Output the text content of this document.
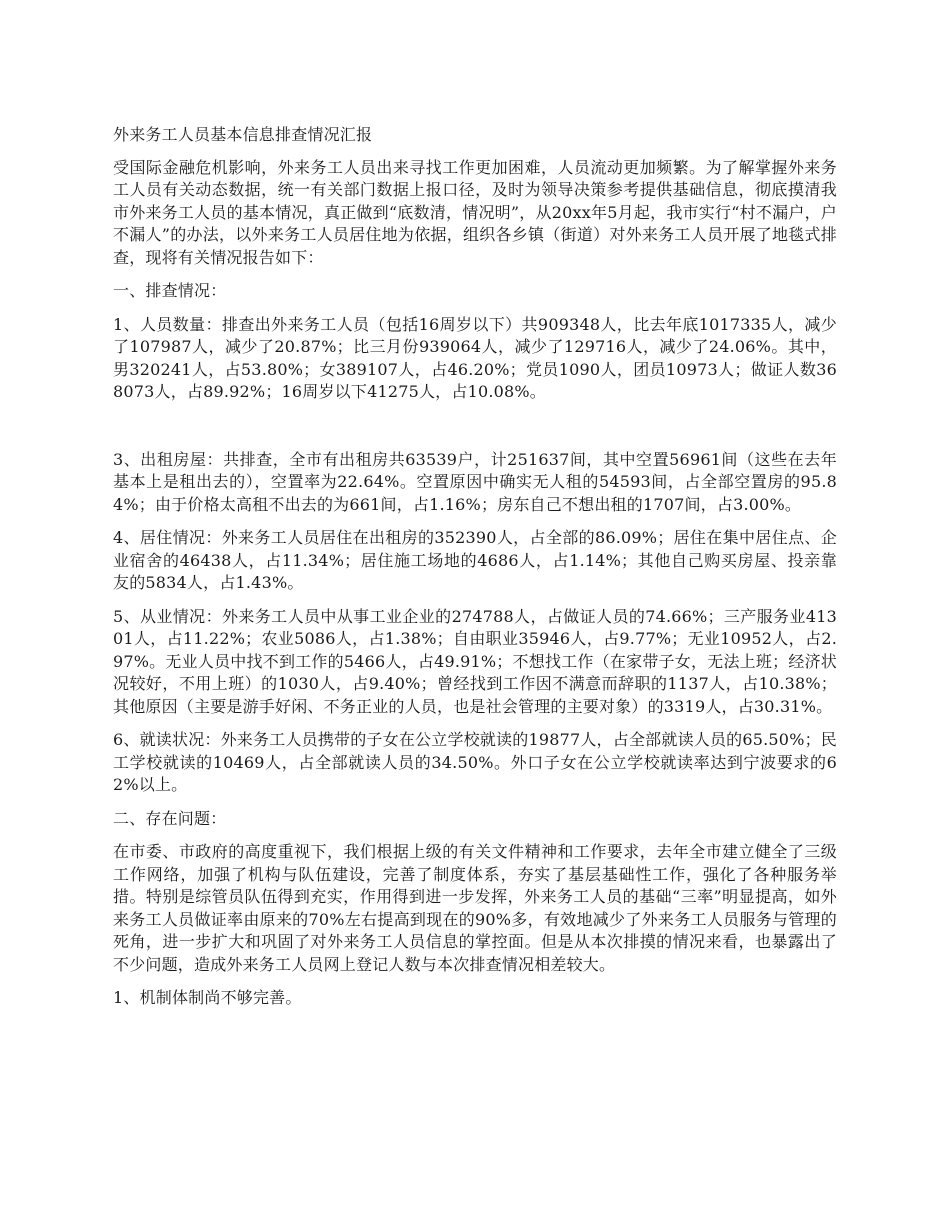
外来务工人员基本信息排查情况汇报

受国际金融危机影响，外来务工人员出来寻找工作更加困难，人员流动更加频繁。为了解掌握外来务工人员有关动态数据，统一有关部门数据上报口径，及时为领导决策参考提供基础信息，彻底摸清我市外来务工人员的基本情况，真正做到“底数清，情况明”，从20xx年5月起，我市实行“村不漏户，户不漏人”的办法，以外来务工人员居住地为依据，组织各乡镇（街道）对外来务工人员开展了地毯式排查，现将有关情况报告如下：

一、排查情况：

1、人员数量：排查出外来务工人员（包括16周岁以下）共909348人，比去年底1017335人，减少了107987人，减少了20.87%；比三月份939064人，减少了129716人，减少了24.06%。其中，男320241人，占53.80%；女389107人，占46.20%；党员1090人，团员10973人；做证人数368073人，占89.92%；16周岁以下41275人，占10.08%。

3、出租房屋：共排查，全市有出租房共63539户，计251637间，其中空置56961间（这些在去年基本上是租出去的），空置率为22.64%。空置原因中确实无人租的54593间，占全部空置房的95.84%；由于价格太高租不出去的为661间，占1.16%；房东自己不想出租的1707间，占3.00%。

4、居住情况：外来务工人员居住在出租房的352390人，占全部的86.09%；居住在集中居住点、企业宿舍的46438人，占11.34%；居住施工场地的4686人，占1.14%；其他自己购买房屋、投亲靠友的5834人，占1.43%。

5、从业情况：外来务工人员中从事工业企业的274788人，占做证人员的74.66%；三产服务业41301人，占11.22%；农业5086人，占1.38%；自由职业35946人，占9.77%；无业10952人，占2.97%。无业人员中找不到工作的5466人，占49.91%；不想找工作（在家带子女，无法上班；经济状况较好，不用上班）的1030人，占9.40%；曾经找到工作因不满意而辞职的1137人，占10.38%；其他原因（主要是游手好闲、不务正业的人员，也是社会管理的主要对象）的3319人，占30.31%。

6、就读状况：外来务工人员携带的子女在公立学校就读的19877人，占全部就读人员的65.50%；民工学校就读的10469人，占全部就读人员的34.50%。外口子女在公立学校就读率达到宁波要求的62%以上。

二、存在问题：

在市委、市政府的高度重视下，我们根据上级的有关文件精神和工作要求，去年全市建立健全了三级工作网络，加强了机构与队伍建设，完善了制度体系，夯实了基层基础性工作，强化了各种服务举措。特别是综管员队伍得到充实，作用得到进一步发挥，外来务工人员的基础“三率”明显提高，如外来务工人员做证率由原来的70%左右提高到现在的90%多，有效地减少了外来务工人员服务与管理的死角，进一步扩大和巩固了对外来务工人员信息的掌控面。但是从本次排摸的情况来看，也暴露出了不少问题，造成外来务工人员网上登记人数与本次排查情况相差较大。

1、机制体制尚不够完善。
